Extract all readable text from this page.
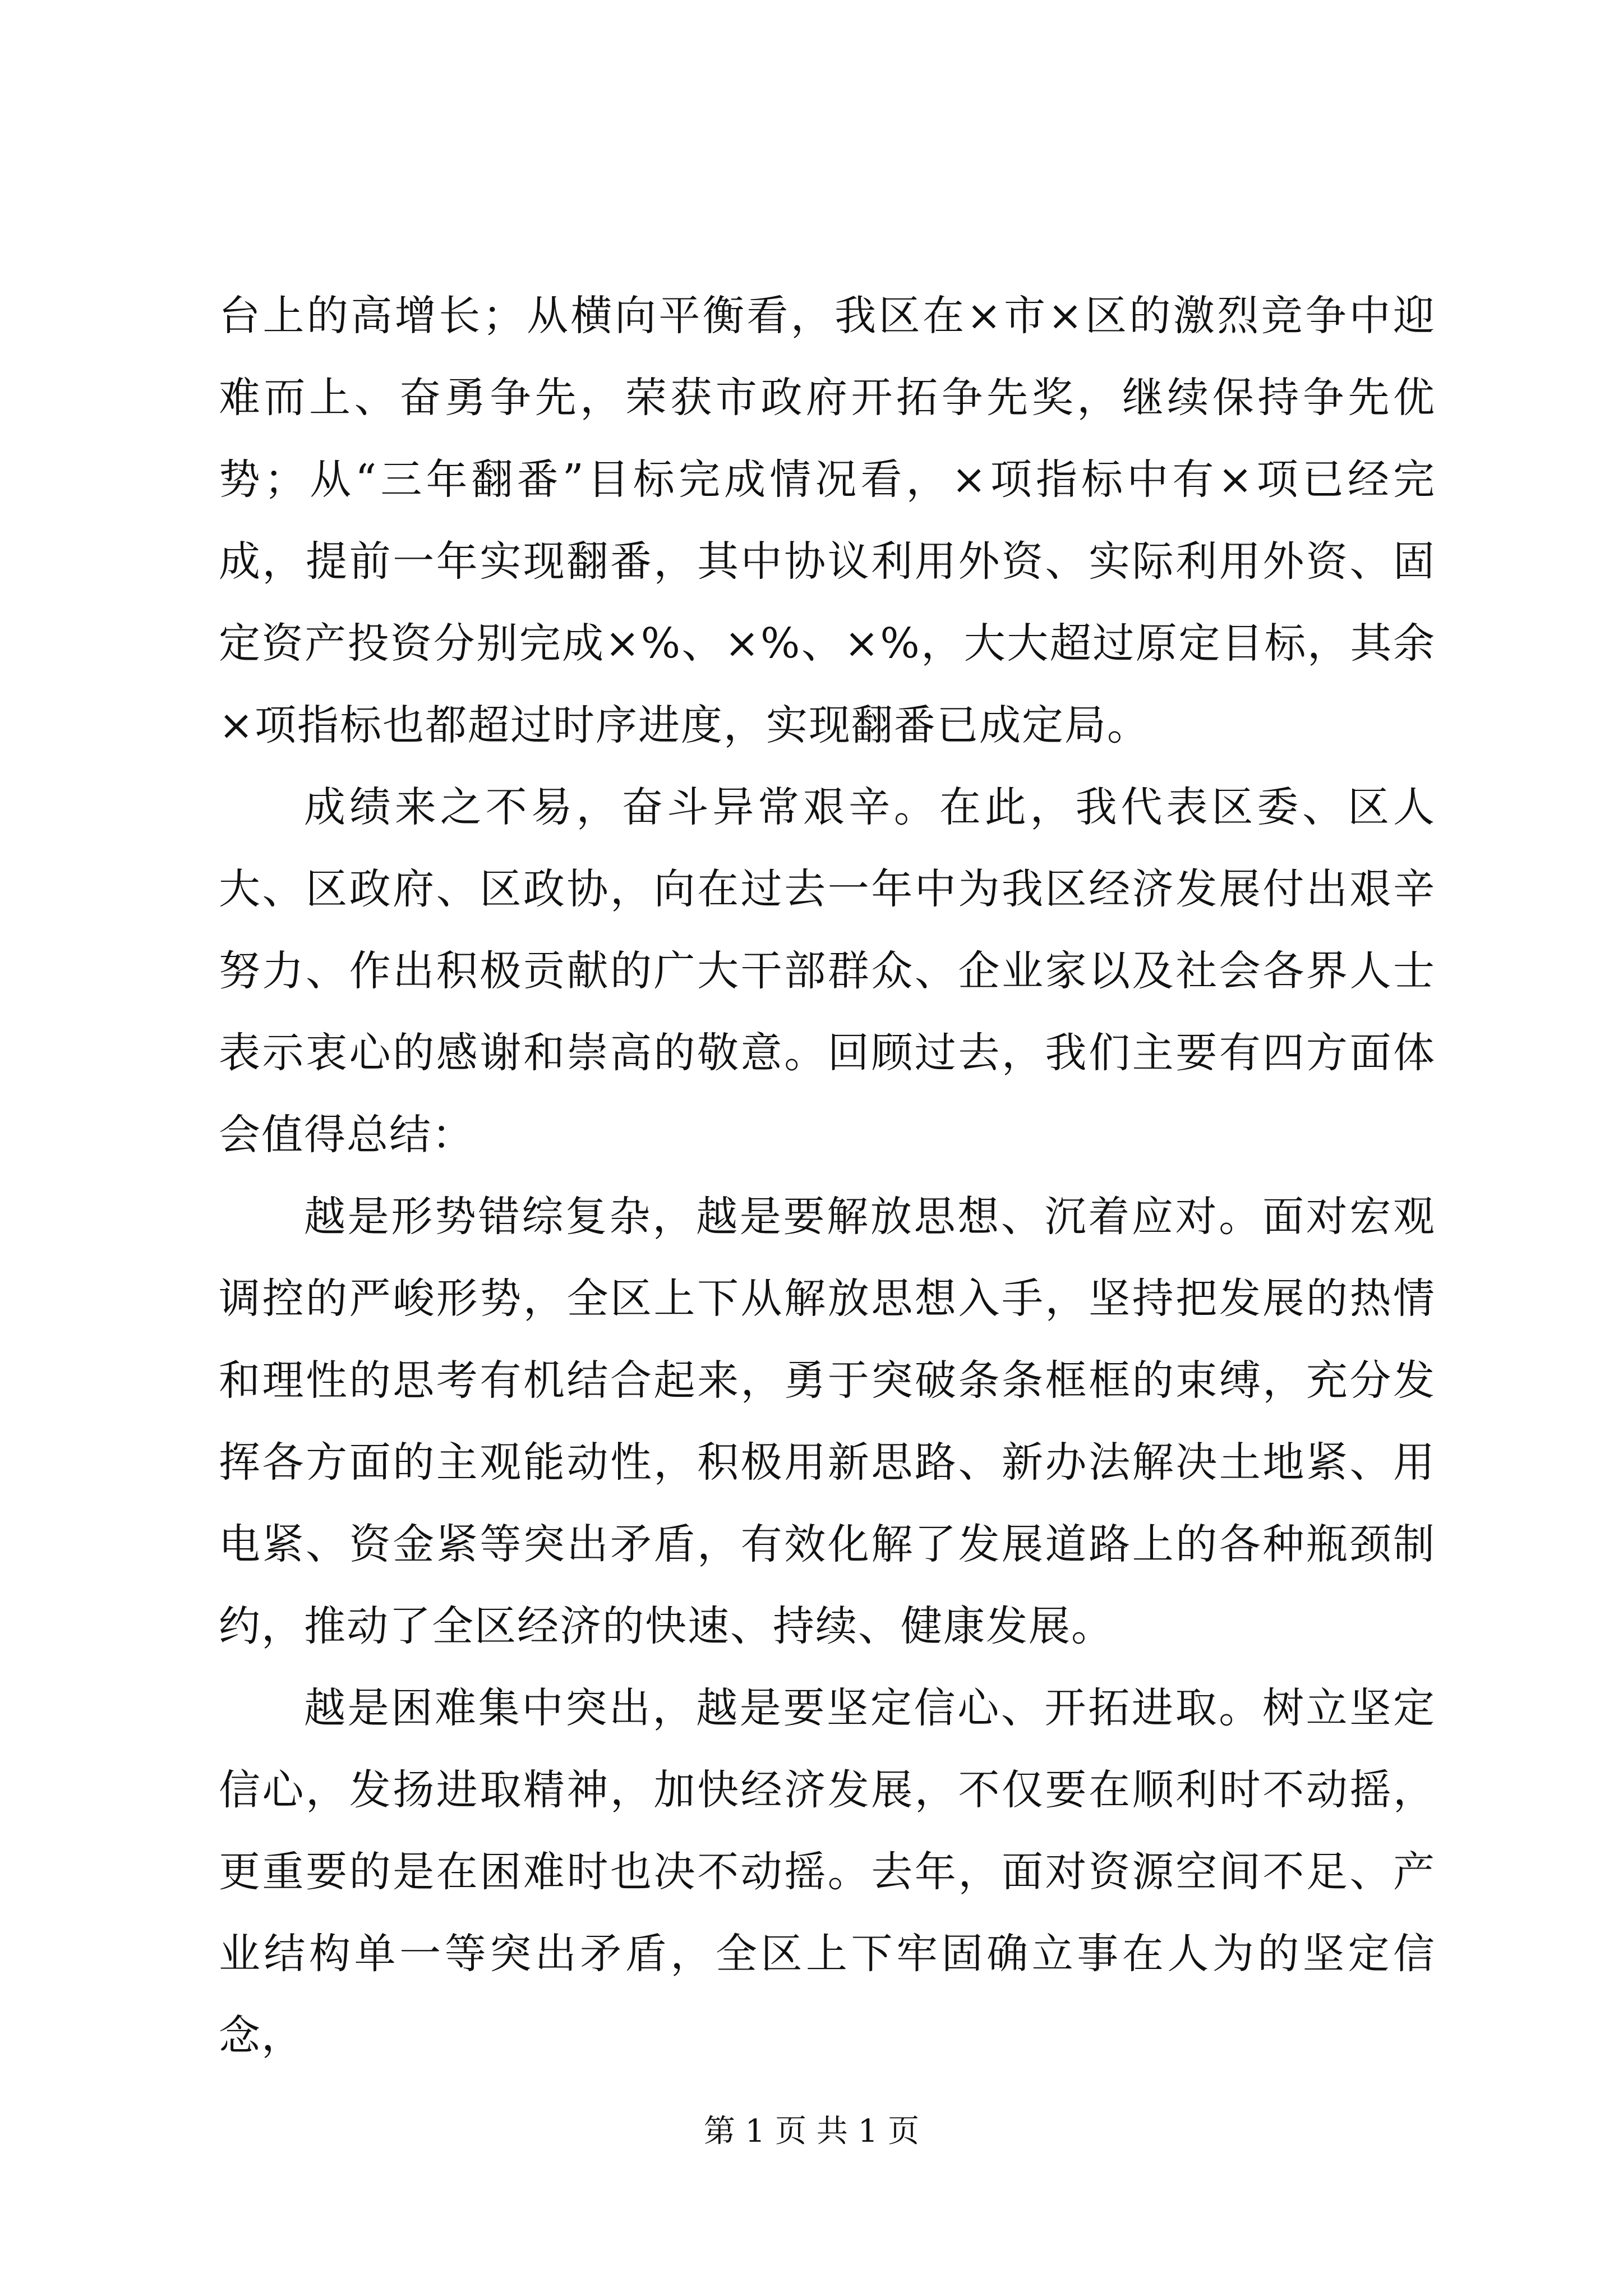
台上的高增长；从横向平衡看，我区在×市×区的激烈竞争中迎难而上、奋勇争先，荣获市政府开拓争先奖，继续保持争先优势；从“三年翻番”目标完成情况看，×项指标中有×项已经完成，提前一年实现翻番，其中协议利用外资、实际利用外资、固定资产投资分别完成×%、×%、×%，大大超过原定目标，其余×项指标也都超过时序进度，实现翻番已成定局。

成绩来之不易，奋斗异常艰辛。在此，我代表区委、区人大、区政府、区政协，向在过去一年中为我区经济发展付出艰辛努力、作出积极贡献的广大干部群众、企业家以及社会各界人士表示衷心的感谢和崇高的敬意。回顾过去，我们主要有四方面体会值得总结：

越是形势错综复杂，越是要解放思想、沉着应对。面对宏观调控的严峻形势，全区上下从解放思想入手，坚持把发展的热情和理性的思考有机结合起来，勇于突破条条框框的束缚，充分发挥各方面的主观能动性，积极用新思路、新办法解决土地紧、用电紧、资金紧等突出矛盾，有效化解了发展道路上的各种瓶颈制约，推动了全区经济的快速、持续、健康发展。

越是困难集中突出，越是要坚定信心、开拓进取。树立坚定信心，发扬进取精神，加快经济发展，不仅要在顺利时不动摇，更重要的是在困难时也决不动摇。去年，面对资源空间不足、产业结构单一等突出矛盾，全区上下牢固确立事在人为的坚定信念，

第 1 页 共 1 页
